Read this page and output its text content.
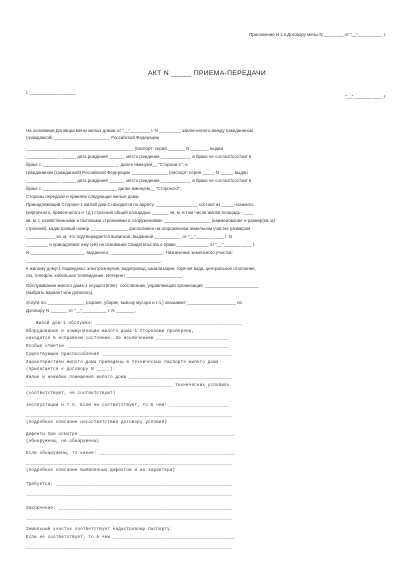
Приложение N 1 к Договору мены N ________ от "__"__________ г.
АКТ N _____ ПРИЕМА-ПЕРЕДАЧИ
г. ___________________
"__" _______ ____ г.
На основании Договора мены жилых домов от "__"________ г. N _________ заключенного между гражданином
(гражданкой) _______________________ Российской Федерации
____________________________________________ (паспорт: серия _______ N _______, выдан
______________ ______ дата рождения ______, место рождения ____________, в браке не состоит/состоит в
браке с _______________________________, далее именуем__ "Сторона-1", и
гражданином (гражданкой) Российской Федерации _______________ (паспорт: серия _____ N _____, выдан
______________ ______ дата рождения ______, место рождения ____________, в браке не состоит/состоит в
браке с ______________________________, далее именуем__ "Сторона-2",
Стороны передали и приняли следующие жилые дома:
Принадлежащий Стороне-1 жилой дом-1 находится по адресу: _________________ состоит из _____-этажного
(кирпичного, бревенчатого и т.д.) строения общей площадью _______ кв. м, в том числе жилая площадь - ____
кв. м, с хозяйственными и бытовыми строениями и сооружениями: ___________________ (наименование и размер(кв. м)
строений), кадастровый номер _______________, расположен на огороженном земельном участке размером
____________ кв. м, что подтверждается выпиской, выданной ___________ от "__"_______ ____ г. N
_________ и принадлежит ему (ей) на основании Свидетельства о праве _____________ от "__"_______ ____ г.
N ______________________, выданного ______________________. Назначение земельного участка:
_______________________________________________________.
К жилому дому-1 подведены: электроэнергия, водопровод, канализация, горячая вода, центральное отопление,
газ, телефон, кабельное телевидение, Интернет _______________________.
Обслуживание жилого дома-1 осуществляет: собственник, управляющая организация: ______________________
(выбрать вариант или дописать).
Услуги по: _______________ (охране, уборке, вывозу мусора и т.п.) оказывает ____________________ по
Договору N _______ от "__"__________ г. N ________.
Жилой дом-1 обслужен: ______________________________________________________
Оборудование и коммуникации жилого дома-1 Сторонами проверены,
находятся в исправном состоянии. За исключением ___________________________
Особые отметки ____________________________________________________________
Существующие приспособления ________________________________________________
Характеристики жилого дома приведены в технических паспорте жилого дома
(прилагается к договору N _____).
Жилые и нежилые помещения жилого дома ______________________________________
______________________________________________________ технических условиях
(соответствуют, не соответствуют)
эксплуатации и т.п. Если не соответствуют, то в чем: ______________________
____________________________________________________________________________
(подробное описание несоответствия договору условий)
Дефекты при осмотре _________________________________________________________
(обнаружены, не обнаружены)
Если обнаружены, то какие: __________________________________________________
____________________________________________________________________________
(подробное описание выявленных дефектов и их характера)
Требуется: _________________________________________________________________
____________________________________________________________________________
Заключение: ________________________________________________________________
____________________________________________________________________________
Земельный участок соответствует кадастровому паспорту.
Если не соответствует, то в чем _____________________________________________
____________________________________________________________________________
